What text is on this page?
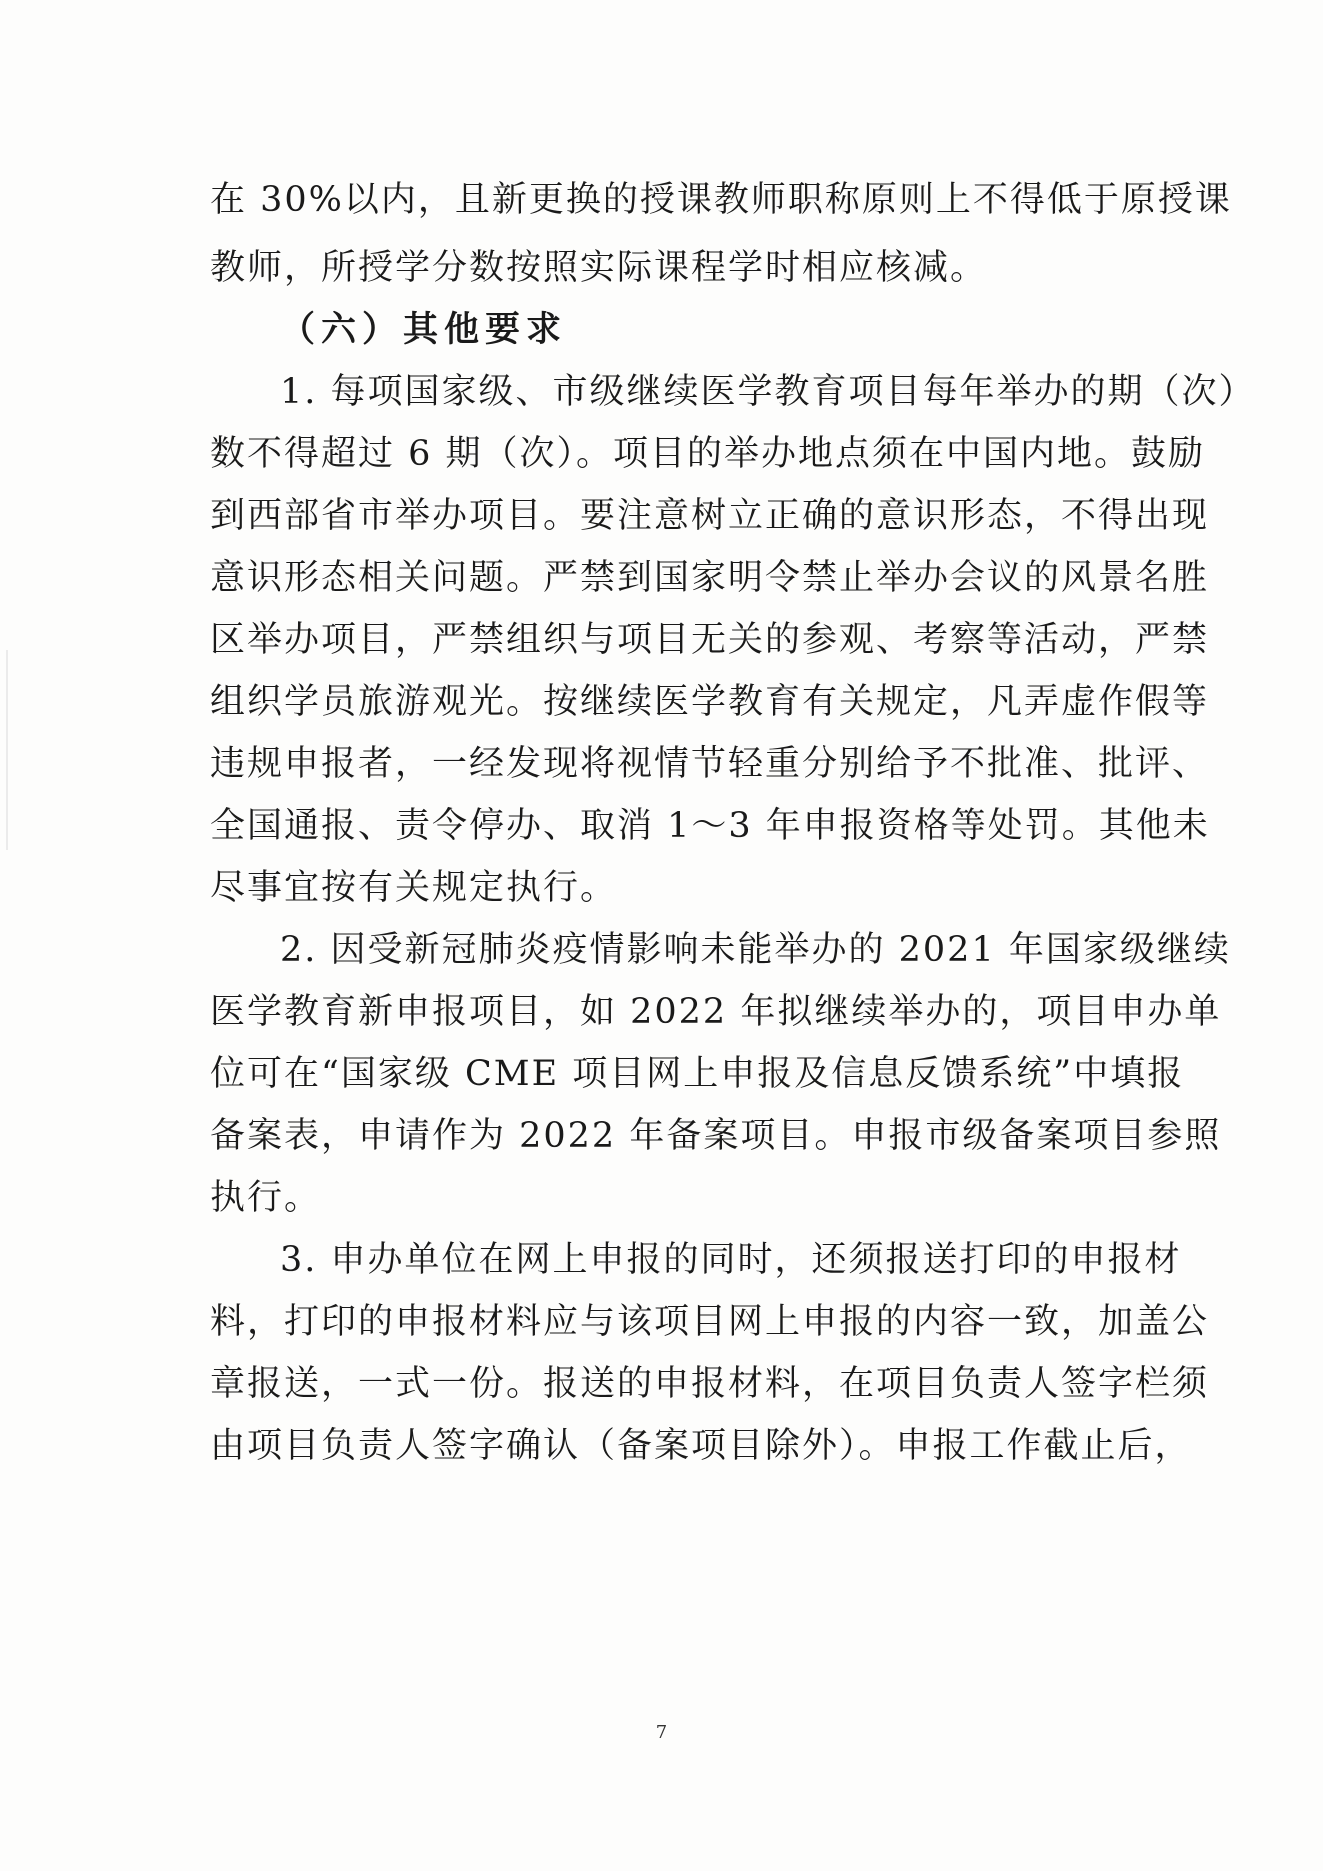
在 30%以内，且新更换的授课教师职称原则上不得低于原授课
教师，所授学分数按照实际课程学时相应核减。
（六）其他要求
1. 每项国家级、市级继续医学教育项目每年举办的期（次）
数不得超过 6 期（次）。项目的举办地点须在中国内地。鼓励
到西部省市举办项目。要注意树立正确的意识形态，不得出现
意识形态相关问题。严禁到国家明令禁止举办会议的风景名胜
区举办项目，严禁组织与项目无关的参观、考察等活动，严禁
组织学员旅游观光。按继续医学教育有关规定，凡弄虚作假等
违规申报者，一经发现将视情节轻重分别给予不批准、批评、
全国通报、责令停办、取消 1～3 年申报资格等处罚。其他未
尽事宜按有关规定执行。
2. 因受新冠肺炎疫情影响未能举办的 2021 年国家级继续
医学教育新申报项目，如 2022 年拟继续举办的，项目申办单
位可在“国家级 CME 项目网上申报及信息反馈系统”中填报
备案表，申请作为 2022 年备案项目。申报市级备案项目参照
执行。
3. 申办单位在网上申报的同时，还须报送打印的申报材
料，打印的申报材料应与该项目网上申报的内容一致，加盖公
章报送，一式一份。报送的申报材料，在项目负责人签字栏须
由项目负责人签字确认（备案项目除外）。申报工作截止后，
7
